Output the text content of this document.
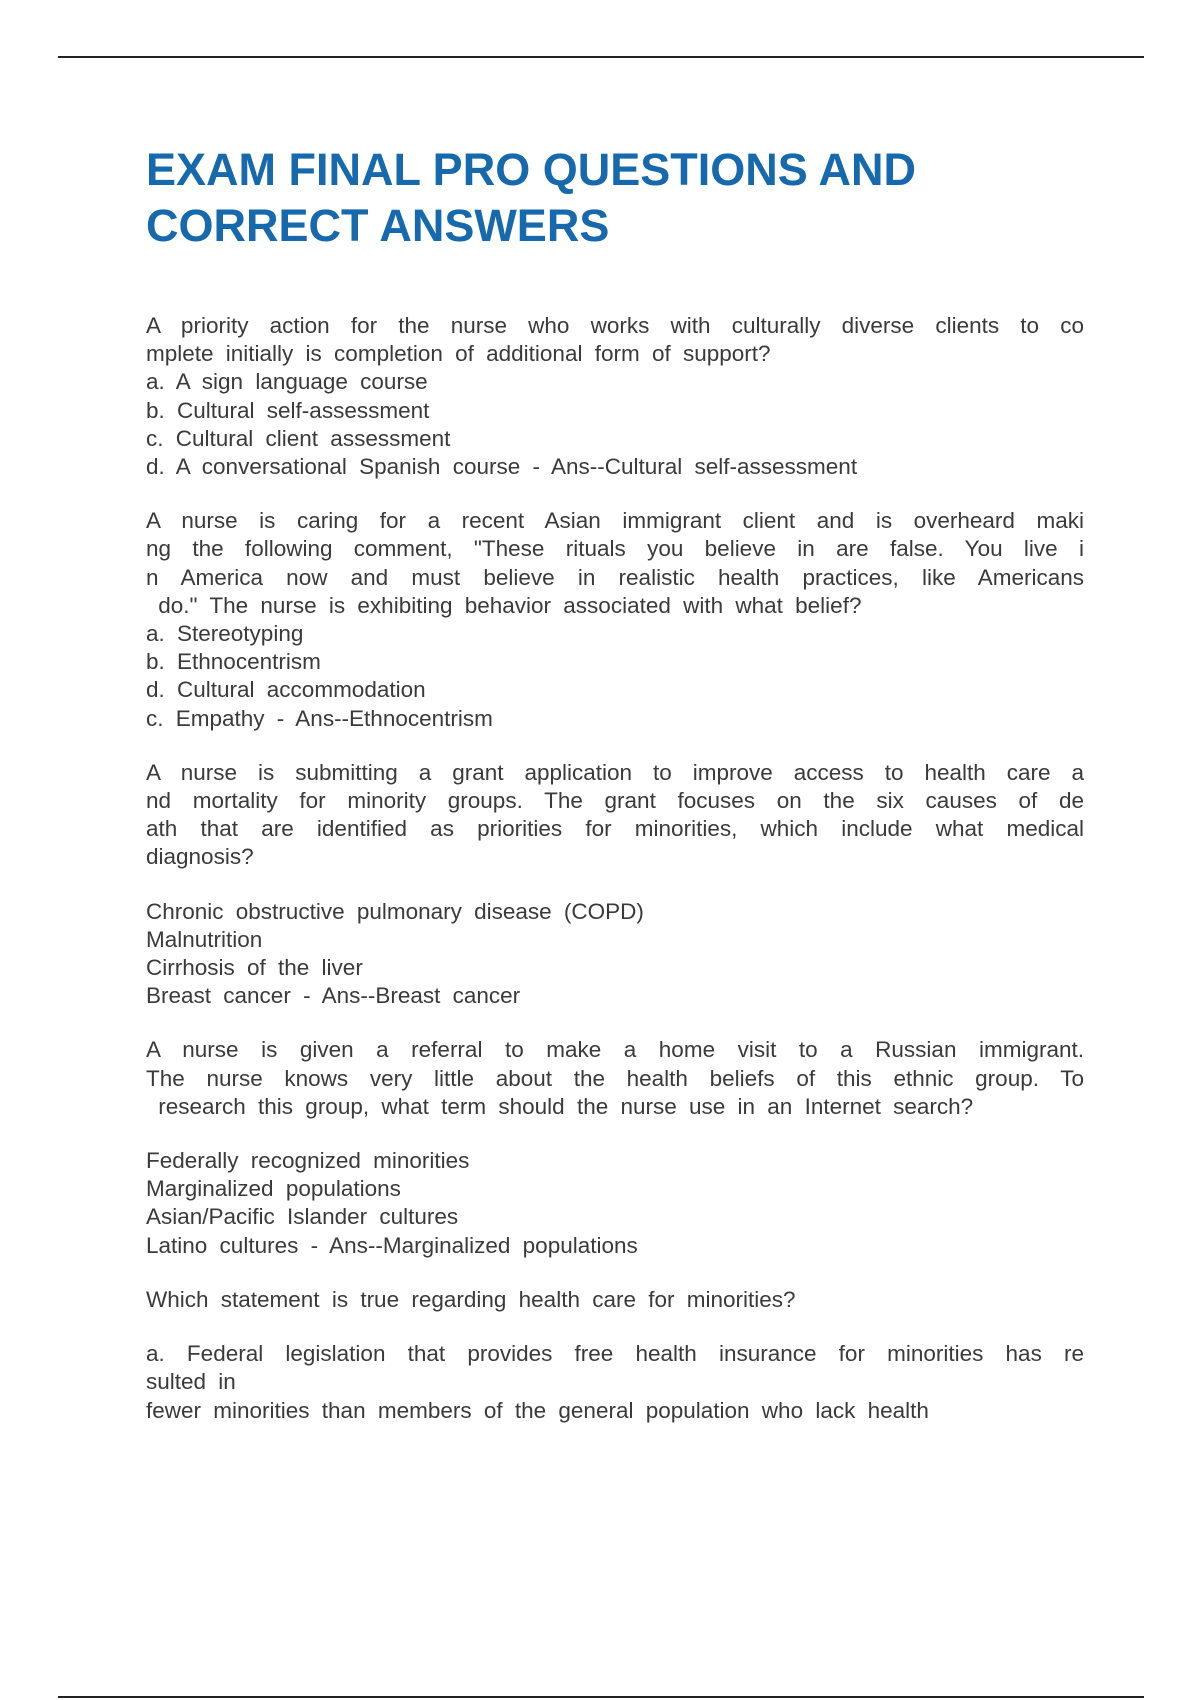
EXAM FINAL PRO QUESTIONS AND
CORRECT ANSWERS
A priority action for the nurse who works with culturally diverse clients to co
mplete initially is completion of additional form of support?
a. A sign language course
b. Cultural self-assessment
c. Cultural client assessment
d. A conversational Spanish course - Ans--Cultural self-assessment
A nurse is caring for a recent Asian immigrant client and is overheard maki
ng the following comment, "These rituals you believe in are false. You live i
n America now and must believe in realistic health practices, like Americans
do." The nurse is exhibiting behavior associated with what belief?
a. Stereotyping
b. Ethnocentrism
d. Cultural accommodation
c. Empathy - Ans--Ethnocentrism
A nurse is submitting a grant application to improve access to health care a
nd mortality for minority groups. The grant focuses on the six causes of de
ath that are identified as priorities for minorities, which include what medical
diagnosis?
Chronic obstructive pulmonary disease (COPD)
Malnutrition
Cirrhosis of the liver
Breast cancer - Ans--Breast cancer
A nurse is given a referral to make a home visit to a Russian immigrant.
The nurse knows very little about the health beliefs of this ethnic group. To
research this group, what term should the nurse use in an Internet search?
Federally recognized minorities
Marginalized populations
Asian/Pacific Islander cultures
Latino cultures - Ans--Marginalized populations
Which statement is true regarding health care for minorities?
a. Federal legislation that provides free health insurance for minorities has re
sulted in
fewer minorities than members of the general population who lack health
